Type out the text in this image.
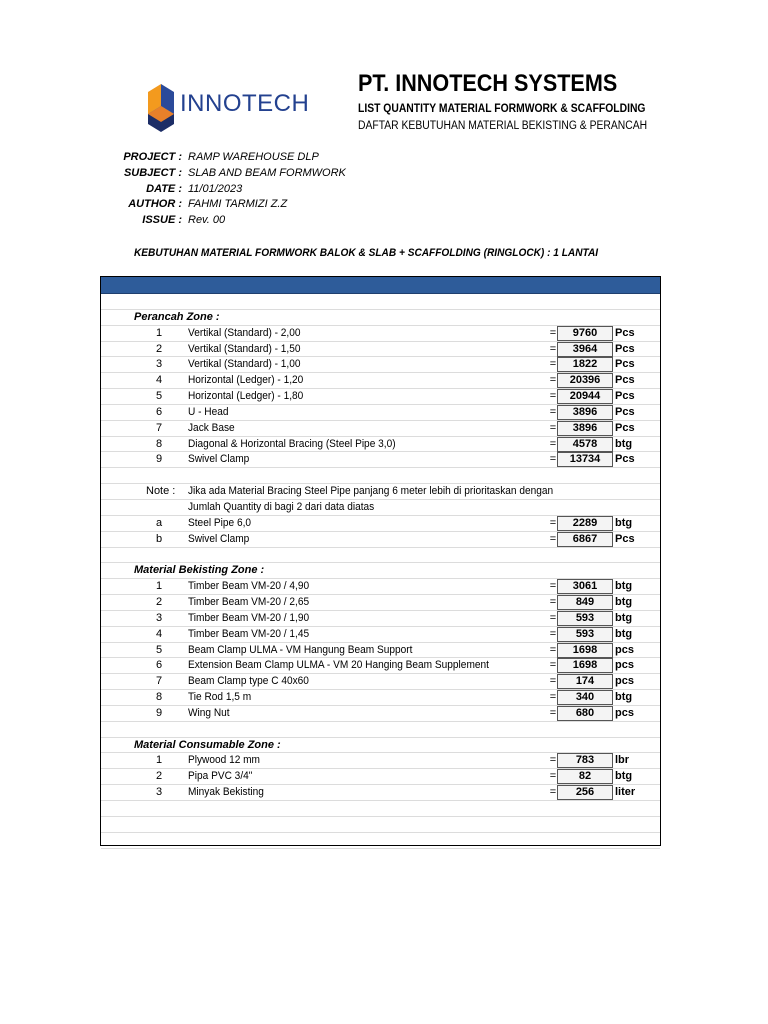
INNOTECH
PT. INNOTECH SYSTEMS
LIST QUANTITY MATERIAL FORMWORK & SCAFFOLDING
DAFTAR KEBUTUHAN MATERIAL BEKISTING & PERANCAH
PROJECT : RAMP WAREHOUSE DLP
SUBJECT : SLAB AND BEAM FORMWORK
DATE : 11/01/2023
AUTHOR : FAHMI TARMIZI Z.Z
ISSUE : Rev. 00
KEBUTUHAN MATERIAL FORMWORK BALOK & SLAB + SCAFFOLDING (RINGLOCK) : 1 LANTAI
Perancah Zone :
1	Vertikal (Standard) - 2,00	=	9760	Pcs
2	Vertikal (Standard) - 1,50	=	3964	Pcs
3	Vertikal (Standard) - 1,00	=	1822	Pcs
4	Horizontal (Ledger) - 1,20	=	20396	Pcs
5	Horizontal (Ledger) - 1,80	=	20944	Pcs
6	U - Head	=	3896	Pcs
7	Jack Base	=	3896	Pcs
8	Diagonal & Horizontal Bracing (Steel Pipe 3,0)	=	4578	btg
9	Swivel Clamp	=	13734	Pcs
Note : Jika ada Material Bracing Steel Pipe panjang 6 meter lebih di prioritaskan dengan
Jumlah Quantity di bagi 2 dari data diatas
a	Steel Pipe 6,0	=	2289	btg
b	Swivel Clamp	=	6867	Pcs
Material Bekisting Zone :
1	Timber Beam VM-20 / 4,90	=	3061	btg
2	Timber Beam VM-20 / 2,65	=	849	btg
3	Timber Beam VM-20 / 1,90	=	593	btg
4	Timber Beam VM-20 / 1,45	=	593	btg
5	Beam Clamp ULMA - VM Hangung Beam Support	=	1698	pcs
6	Extension Beam Clamp ULMA - VM 20 Hanging Beam Supplement	=	1698	pcs
7	Beam Clamp type C 40x60	=	174	pcs
8	Tie Rod 1,5 m	=	340	btg
9	Wing Nut	=	680	pcs
Material Consumable Zone :
1	Plywood 12 mm	=	783	lbr
2	Pipa PVC 3/4"	=	82	btg
3	Minyak Bekisting	=	256	liter
